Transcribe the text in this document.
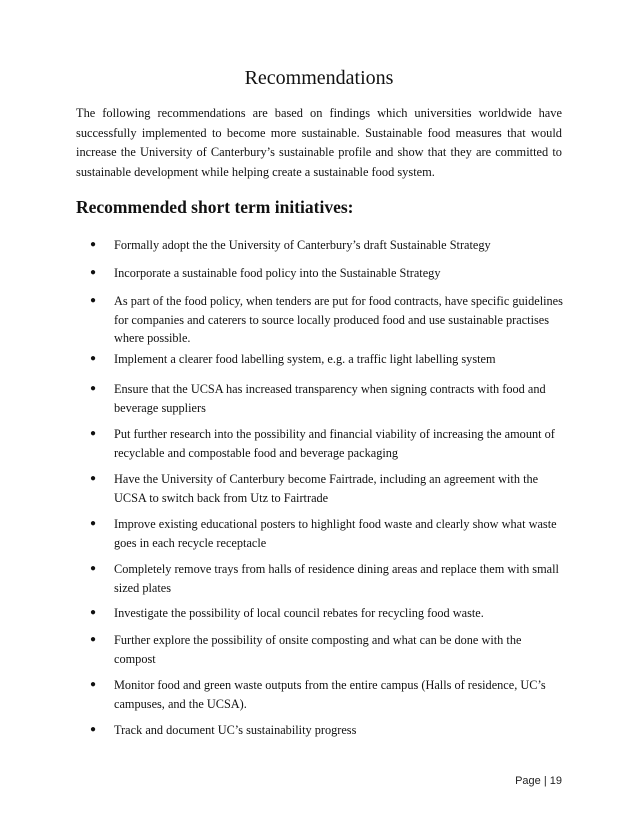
Recommendations
The following recommendations are based on findings which universities worldwide have successfully implemented to become more sustainable. Sustainable food measures that would increase the University of Canterbury’s sustainable profile and show that they are committed to sustainable development while helping create a sustainable food system.
Recommended short term initiatives:
● Formally adopt the the University of Canterbury’s draft Sustainable Strategy
● Incorporate a sustainable food policy into the Sustainable Strategy
● As part of the food policy, when tenders are put for food contracts, have specific guidelines for companies and caterers to source locally produced food and use sustainable practises where possible.
● Implement a clearer food labelling system, e.g. a traffic light labelling system
● Ensure that the UCSA has increased transparency when signing contracts with food and beverage suppliers
● Put further research into the possibility and financial viability of increasing the amount of recyclable and compostable food and beverage packaging
● Have the University of Canterbury become Fairtrade, including an agreement with the UCSA to switch back from Utz to Fairtrade
● Improve existing educational posters to highlight food waste and clearly show what waste goes in each recycle receptacle
● Completely remove trays from halls of residence dining areas and replace them with small sized plates
● Investigate the possibility of local council rebates for recycling food waste.
● Further explore the possibility of onsite composting and what can be done with the compost
● Monitor food and green waste outputs from the entire campus (Halls of residence, UC’s campuses, and the UCSA).
● Track and document UC’s sustainability progress
Page | 19
